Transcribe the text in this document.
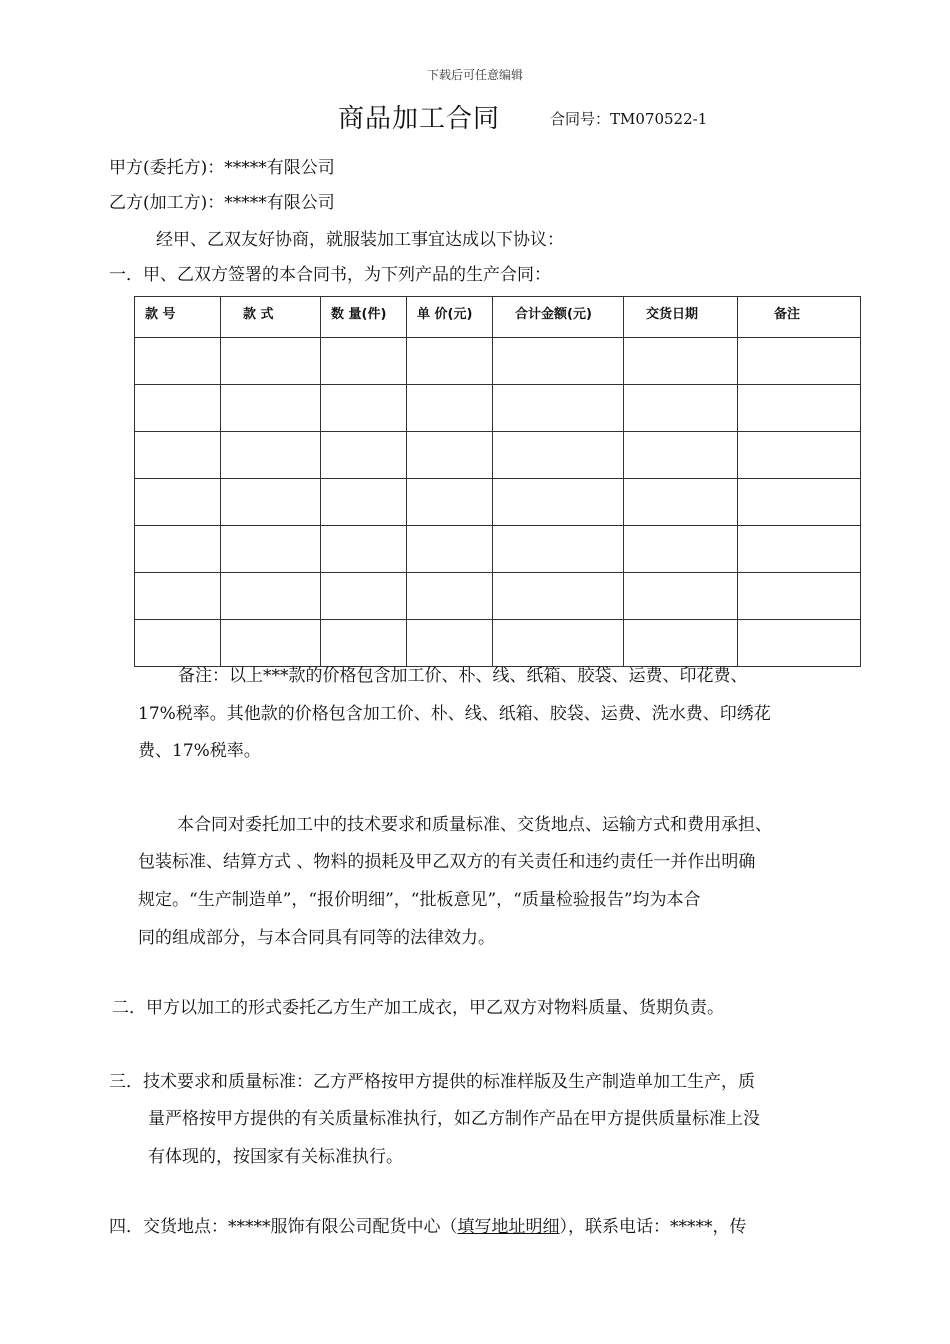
下载后可任意编辑
商品加工合同	合同号：TM070522-1
甲方(委托方)：*****有限公司
乙方(加工方)：*****有限公司
经甲、乙双友好协商，就服装加工事宜达成以下协议：
一．甲、乙双方签署的本合同书，为下列产品的生产合同：
款 号	款 式	数 量(件)	单 价(元)	合计金额(元)	交货日期	备注

备注：以上***款的价格包含加工价、朴、线、纸箱、胶袋、运费、印花费、
17%税率。其他款的价格包含加工价、朴、线、纸箱、胶袋、运费、洗水费、印绣花
费、17%税率。
本合同对委托加工中的技术要求和质量标准、交货地点、运输方式和费用承担、
包装标准、结算方式 、物料的损耗及甲乙双方的有关责任和违约责任一并作出明确
规定。“生产制造单”，“报价明细”，“批板意见”，“质量检验报告”均为本合
同的组成部分，与本合同具有同等的法律效力。
二．甲方以加工的形式委托乙方生产加工成衣，甲乙双方对物料质量、货期负责。
三．技术要求和质量标准：乙方严格按甲方提供的标准样版及生产制造单加工生产，质
量严格按甲方提供的有关质量标准执行，如乙方制作产品在甲方提供质量标准上没
有体现的，按国家有关标准执行。
四．交货地点：*****服饰有限公司配货中心（填写地址明细），联系电话：*****，传
